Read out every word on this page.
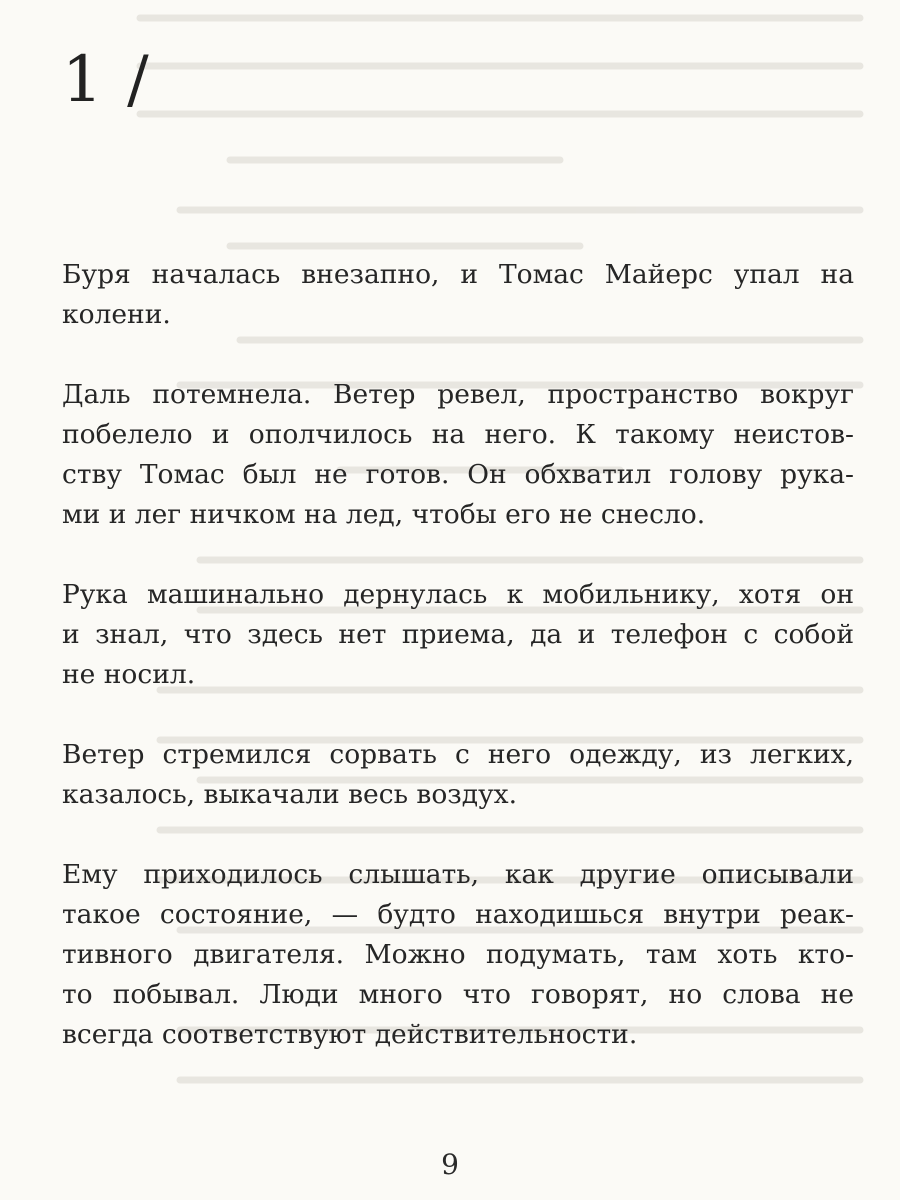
1 /

Буря началась внезапно, и Томас Майерс упал на
колени.

Даль потемнела. Ветер ревел, пространство вокруг
побелело и ополчилось на него. К такому неистов-
ству Томас был не готов. Он обхватил голову рука-
ми и лег ничком на лед, чтобы его не снесло.

Рука машинально дернулась к мобильнику, хотя он
и знал, что здесь нет приема, да и телефон с собой
не носил.

Ветер стремился сорвать с него одежду, из легких,
казалось, выкачали весь воздух.

Ему приходилось слышать, как другие описывали
такое состояние, — будто находишься внутри реак-
тивного двигателя. Можно подумать, там хоть кто-
то побывал. Люди много что говорят, но слова не
всегда соответствуют действительности.

9
